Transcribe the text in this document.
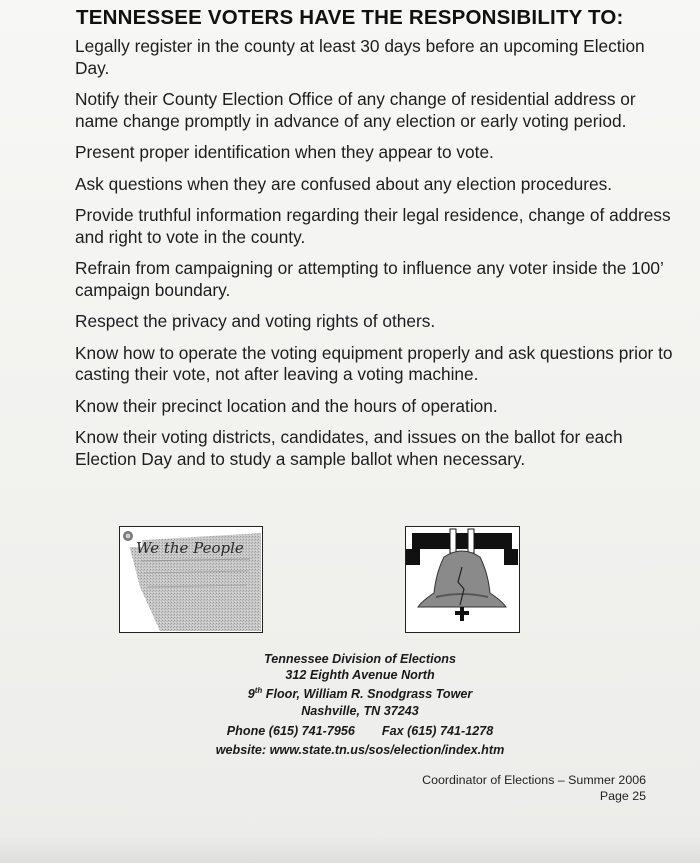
TENNESSEE VOTERS HAVE THE RESPONSIBILITY TO:

Legally register in the county at least 30 days before an upcoming Election Day.

Notify their County Election Office of any change of residential address or name change promptly in advance of any election or early voting period.

Present proper identification when they appear to vote.

Ask questions when they are confused about any election procedures.

Provide truthful information regarding their legal residence, change of address and right to vote in the county.

Refrain from campaigning or attempting to influence any voter inside the 100’ campaign boundary.

Respect the privacy and voting rights of others.

Know how to operate the voting equipment properly and ask questions prior to casting their vote, not after leaving a voting machine.

Know their precinct location and the hours of operation.

Know their voting districts, candidates, and issues on the ballot for each Election Day and to study a sample ballot when necessary.

We the People
Tennessee Division of Elections
312 Eighth Avenue North
9th Floor, William R. Snodgrass Tower
Nashville, TN 37243
Phone (615) 741-7956 Fax (615) 741-1278
website: www.state.tn.us/sos/election/index.htm
Coordinator of Elections – Summer 2006
Page 25
